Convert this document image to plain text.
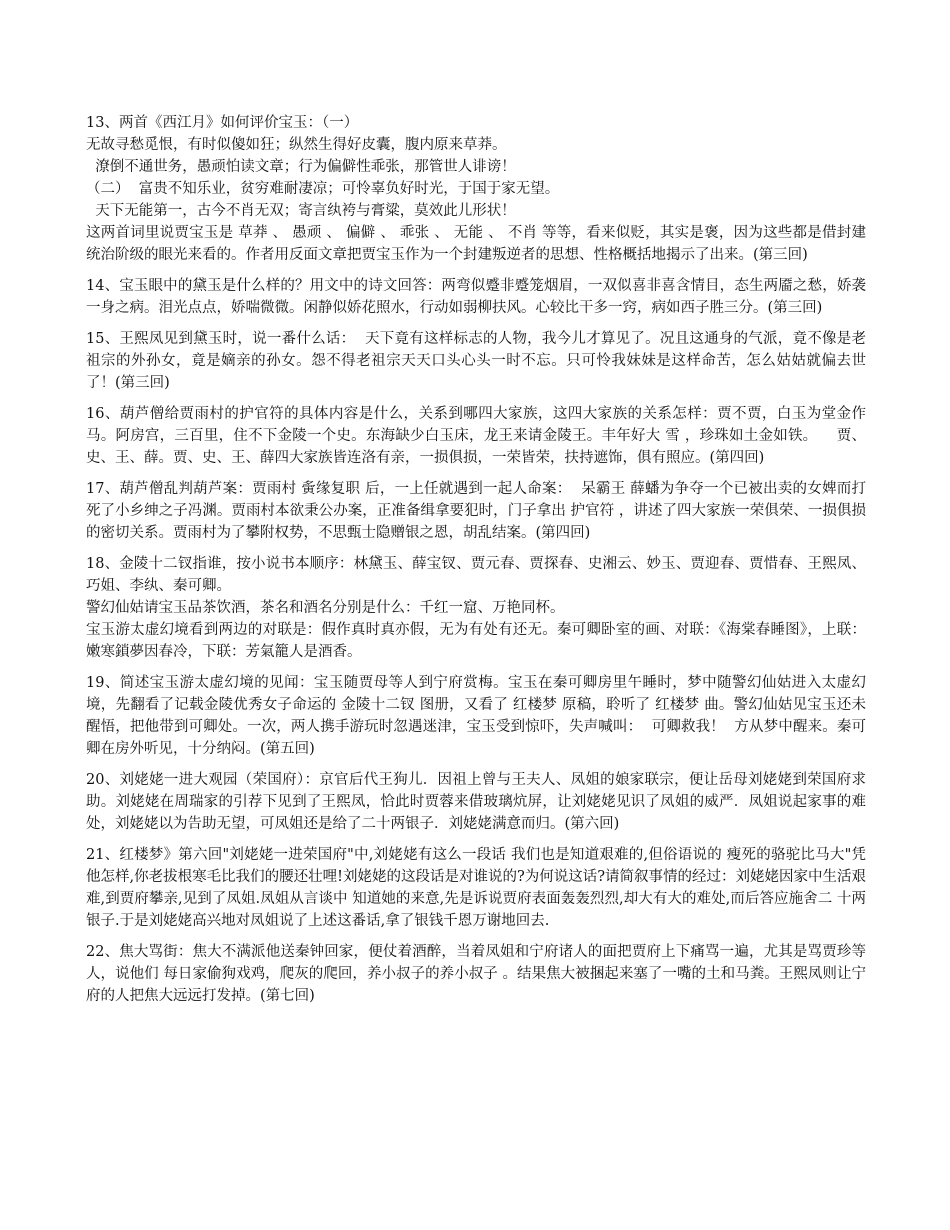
13、两首《西江月》如何评价宝玉：（一）

无故寻愁觅恨，有时似傻如狂；纵然生得好皮囊，腹内原来草莽。

潦倒不通世务，愚顽怕读文章；行为偏僻性乖张，那管世人诽谤！

（二）  富贵不知乐业，贫穷难耐凄凉；可怜辜负好时光，于国于家无望。

天下无能第一，古今不肖无双；寄言纨袴与膏粱，莫效此儿形状！

这两首词里说贾宝玉是 草莽 、 愚顽 、 偏僻 、 乖张 、 无能 、 不肖 等等，看来似贬，其实是褒，因为这些都是借封建统治阶级的眼光来看的。作者用反面文章把贾宝玉作为一个封建叛逆者的思想、性格概括地揭示了出来。(第三回)

14、宝玉眼中的黛玉是什么样的？用文中的诗文回答：两弯似蹙非蹙笼烟眉，一双似喜非喜含情目，态生两靥之愁，娇袭一身之病。泪光点点，娇喘微微。闲静似娇花照水，行动如弱柳扶风。心较比干多一窍，病如西子胜三分。(第三回)

15、王熙凤见到黛玉时，说一番什么话：  天下竟有这样标志的人物，我今儿才算见了。况且这通身的气派，竟不像是老祖宗的外孙女，竟是嫡亲的孙女。怨不得老祖宗天天口头心头一时不忘。只可怜我妹妹是这样命苦，怎么姑姑就偏去世了！(第三回)

16、葫芦僧给贾雨村的护官符的具体内容是什么，关系到哪四大家族，这四大家族的关系怎样：贾不贾，白玉为堂金作马。阿房宫，三百里，住不下金陵一个史。东海缺少白玉床，龙王来请金陵王。丰年好大 雪 ，珍珠如土金如铁。    贾、史、王、薛。贾、史、王、薛四大家族皆连洛有亲，一损俱损，一荣皆荣，扶持遮饰，俱有照应。(第四回)

17、葫芦僧乱判葫芦案：贾雨村 夤缘复职 后，一上任就遇到一起人命案：  呆霸王 薛蟠为争夺一个已被出卖的女婢而打死了小乡绅之子冯渊。贾雨村本欲秉公办案，正准备缉拿要犯时，门子拿出 护官符 ，讲述了四大家族一荣俱荣、一损俱损的密切关系。贾雨村为了攀附权势，不思甄士隐赠银之恩，胡乱结案。(第四回)

18、金陵十二钗指谁，按小说书本顺序：林黛玉、薛宝钗、贾元春、贾探春、史湘云、妙玉、贾迎春、贾惜春、王熙凤、巧姐、李纨、秦可卿。

警幻仙姑请宝玉品茶饮酒，茶名和酒名分别是什么：千红一窟、万艳同杯。

宝玉游太虚幻境看到两边的对联是：假作真时真亦假，无为有处有还无。秦可卿卧室的画、对联：《海棠春睡图》，上联：嫩寒鎖夢因春冷，下联：芳氣籠人是酒香。

19、简述宝玉游太虚幻境的见闻：宝玉随贾母等人到宁府赏梅。宝玉在秦可卿房里午睡时，梦中随警幻仙姑进入太虚幻境，先翻看了记载金陵优秀女子命运的 金陵十二钗 图册，又看了 红楼梦 原稿，聆听了 红楼梦 曲。警幻仙姑见宝玉还未醒悟，把他带到可卿处。一次，两人携手游玩时忽遇迷津，宝玉受到惊吓，失声喊叫：  可卿救我！  方从梦中醒来。秦可卿在房外听见，十分纳闷。(第五回)

20、刘姥姥一进大观园（荣国府）：京官后代王狗儿．因祖上曾与王夫人、凤姐的娘家联宗，便让岳母刘姥姥到荣国府求助。刘姥姥在周瑞家的引荐下见到了王熙凤，恰此时贾蓉来借玻璃炕屏，让刘姥姥见识了凤姐的威严．凤姐说起家事的难处，刘姥姥以为告助无望，可凤姐还是给了二十两银子．刘姥姥满意而归。(第六回)

21、红楼梦》第六回"刘姥姥一进荣国府"中,刘姥姥有这么一段话 我们也是知道艰难的,但俗语说的 瘦死的骆驼比马大"凭他怎样,你老拔根寒毛比我们的腰还壮哩!刘姥姥的这段话是对谁说的?为何说这话?请简叙事情的经过：刘姥姥因家中生活艰难,到贾府攀亲,见到了凤姐.凤姐从言谈中 知道她的来意,先是诉说贾府表面轰轰烈烈,却大有大的难处,而后答应施舍二 十两银子.于是刘姥姥高兴地对凤姐说了上述这番话,拿了银钱千恩万谢地回去.

22、焦大骂街：焦大不满派他送秦钟回家，便仗着酒醉，当着凤姐和宁府诸人的面把贾府上下痛骂一遍，尤其是骂贾珍等人，说他们 每日家偷狗戏鸡，爬灰的爬回，养小叔子的养小叔子 。结果焦大被捆起来塞了一嘴的土和马粪。王熙凤则让宁府的人把焦大远远打发掉。(第七回)
